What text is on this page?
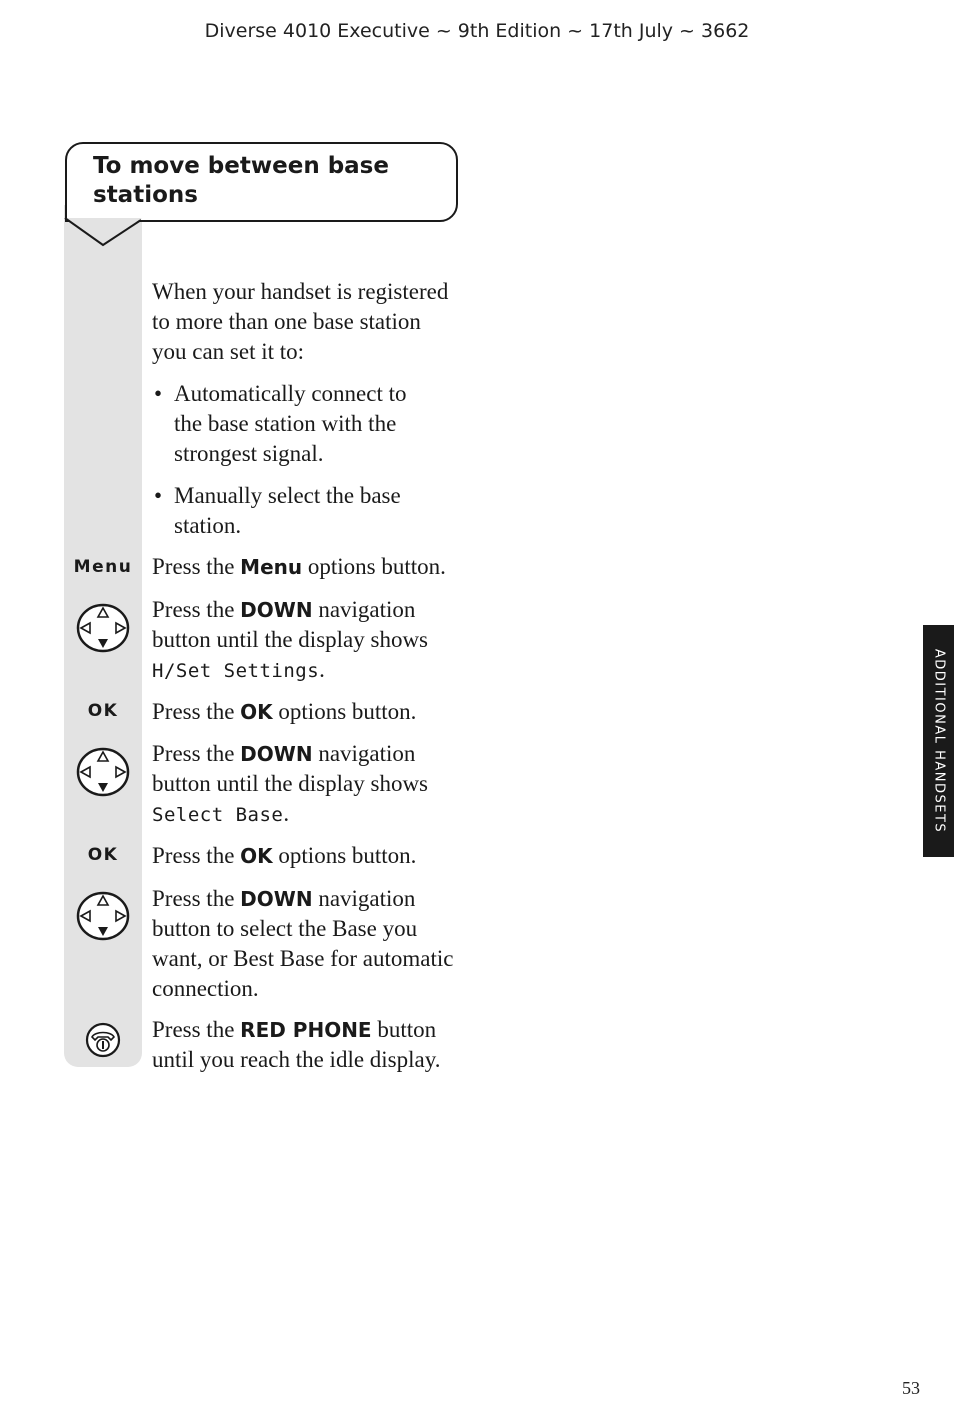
Diverse 4010 Executive ~ 9th Edition ~ 17th July ~ 3662
To move between base stations
When your handset is registered to more than one base station you can set it to:
• Automatically connect to the base station with the strongest signal.
• Manually select the base station.
Menu Press the Menu options button.
Press the DOWN navigation button until the display shows H/Set Settings.
OK	Press the OK options button.
Press the DOWN navigation button until the display shows Select Base.
OK	Press the OK options button.
Press the DOWN navigation button to select the Base you want, or Best Base for automatic connection.
Press the RED PHONE button until you reach the idle display.
ADDITIONAL HANDSETS
53
